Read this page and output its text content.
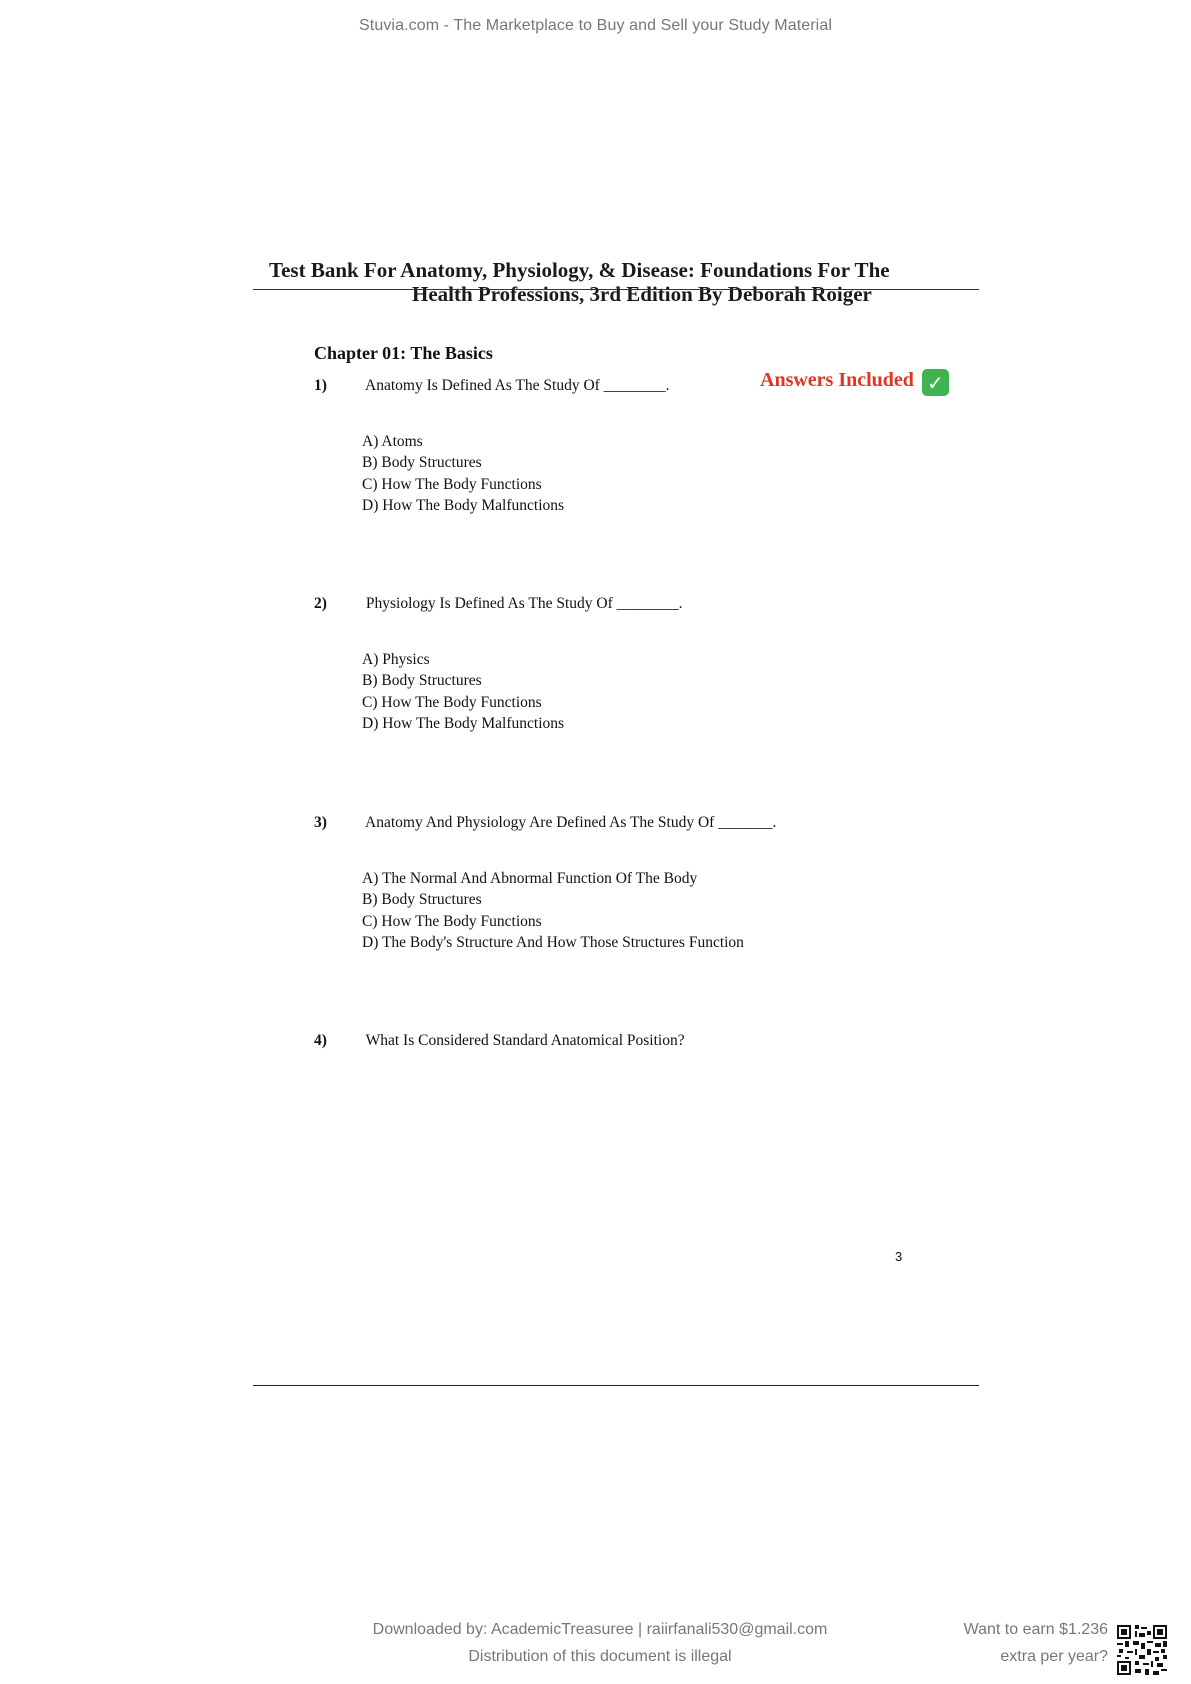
Stuvia.com - The Marketplace to Buy and Sell your Study Material
Test Bank For Anatomy, Physiology, & Disease: Foundations For The
Health Professions, 3rd Edition By Deborah Roiger
Chapter 01: The Basics
Answers Included ✓
1) Anatomy Is Defined As The Study Of ________.
A) Atoms
B) Body Structures
C) How The Body Functions
D) How The Body Malfunctions
2)	Physiology Is Defined As The Study Of ________.
A) Physics
B) Body Structures
C) How The Body Functions
D) How The Body Malfunctions
3) Anatomy And Physiology Are Defined As The Study Of _______.
A) The Normal And Abnormal Function Of The Body
B) Body Structures
C) How The Body Functions
D) The Body's Structure And How Those Structures Function
4) What Is Considered Standard Anatomical Position?
3
Downloaded by: AcademicTreasuree | raiirfanali530@gmail.com
Distribution of this document is illegal
Want to earn $1.236
extra per year?
